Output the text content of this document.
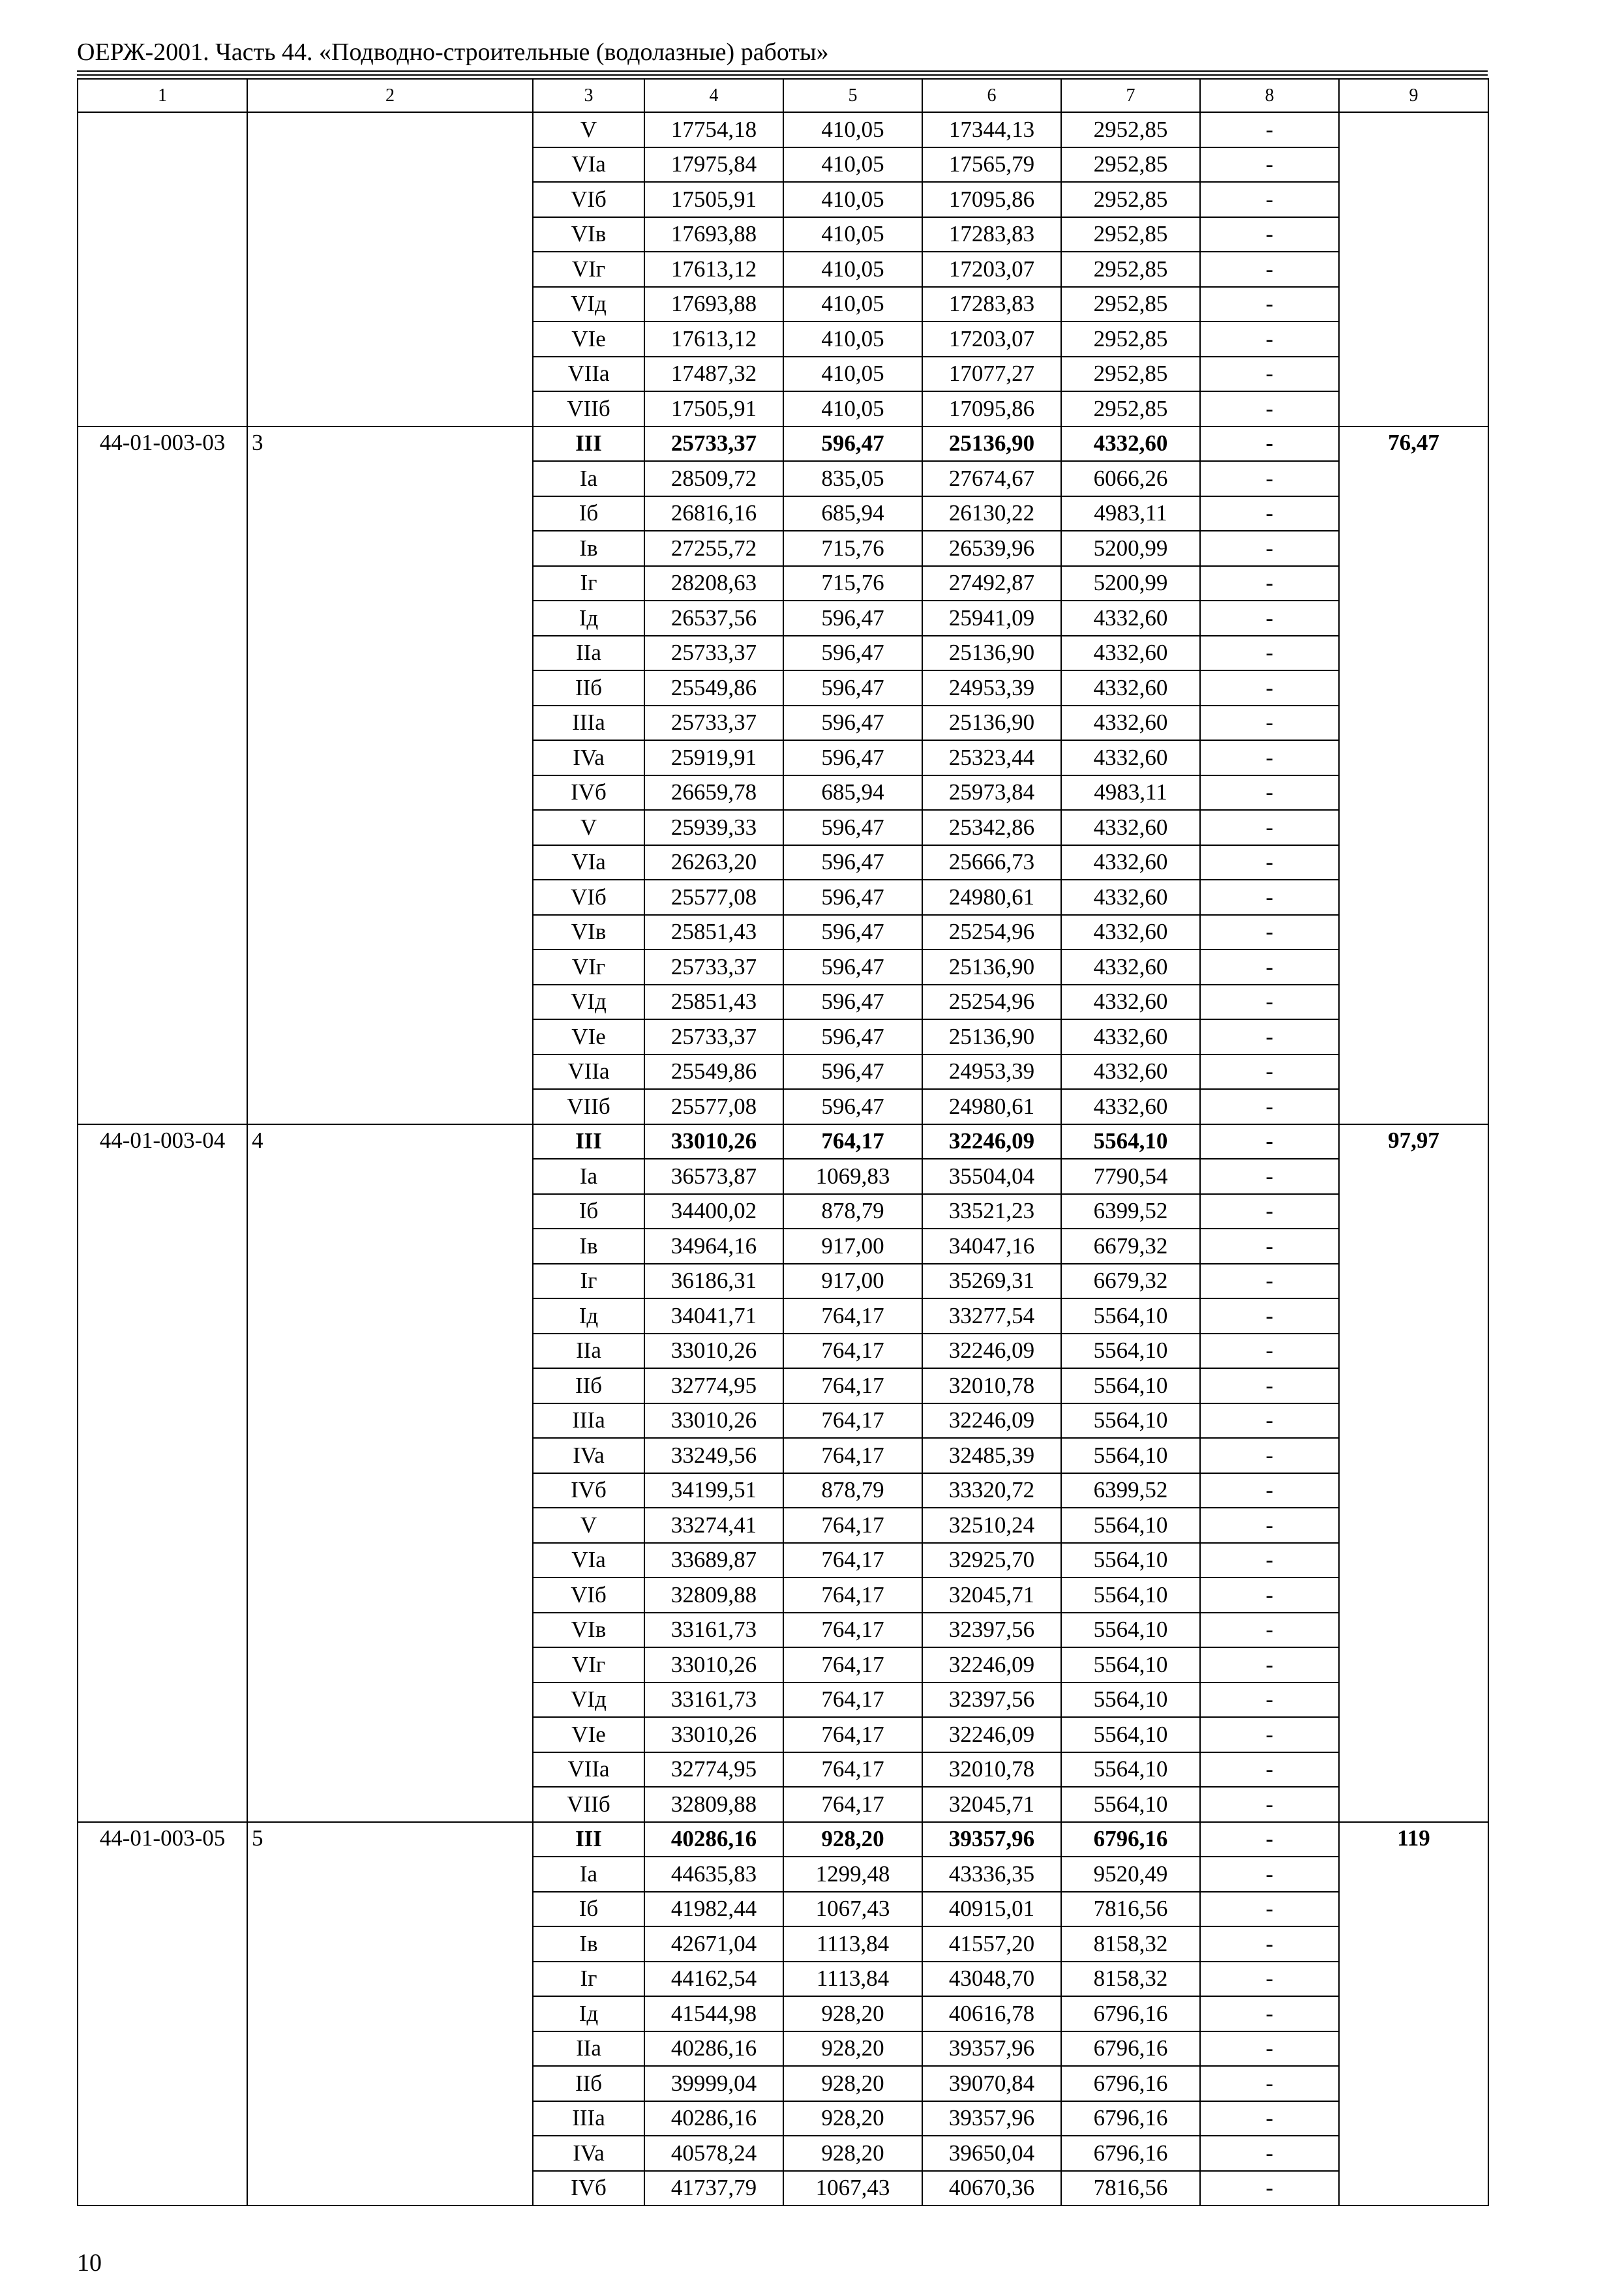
ОЕРЖ-2001. Часть 44. «Подводно-строительные (водолазные) работы»
1	2	3	4	5	6	7	8	9
		V	17754,18	410,05	17344,13	2952,85	-	
		VIa	17975,84	410,05	17565,79	2952,85	-	
		VIб	17505,91	410,05	17095,86	2952,85	-	
		VIв	17693,88	410,05	17283,83	2952,85	-	
		VIг	17613,12	410,05	17203,07	2952,85	-	
		VIд	17693,88	410,05	17283,83	2952,85	-	
		VIe	17613,12	410,05	17203,07	2952,85	-	
		VIIa	17487,32	410,05	17077,27	2952,85	-	
		VIIб	17505,91	410,05	17095,86	2952,85	-	
44-01-003-03	3	III	25733,37	596,47	25136,90	4332,60	-	76,47
		Ia	28509,72	835,05	27674,67	6066,26	-	
		Iб	26816,16	685,94	26130,22	4983,11	-	
		Iв	27255,72	715,76	26539,96	5200,99	-	
		Iг	28208,63	715,76	27492,87	5200,99	-	
		Iд	26537,56	596,47	25941,09	4332,60	-	
		IIa	25733,37	596,47	25136,90	4332,60	-	
		IIб	25549,86	596,47	24953,39	4332,60	-	
		IIIa	25733,37	596,47	25136,90	4332,60	-	
		IVa	25919,91	596,47	25323,44	4332,60	-	
		IVб	26659,78	685,94	25973,84	4983,11	-	
		V	25939,33	596,47	25342,86	4332,60	-	
		VIa	26263,20	596,47	25666,73	4332,60	-	
		VIб	25577,08	596,47	24980,61	4332,60	-	
		VIв	25851,43	596,47	25254,96	4332,60	-	
		VIг	25733,37	596,47	25136,90	4332,60	-	
		VIд	25851,43	596,47	25254,96	4332,60	-	
		VIe	25733,37	596,47	25136,90	4332,60	-	
		VIIa	25549,86	596,47	24953,39	4332,60	-	
		VIIб	25577,08	596,47	24980,61	4332,60	-	
44-01-003-04	4	III	33010,26	764,17	32246,09	5564,10	-	97,97
		Ia	36573,87	1069,83	35504,04	7790,54	-	
		Iб	34400,02	878,79	33521,23	6399,52	-	
		Iв	34964,16	917,00	34047,16	6679,32	-	
		Iг	36186,31	917,00	35269,31	6679,32	-	
		Iд	34041,71	764,17	33277,54	5564,10	-	
		IIa	33010,26	764,17	32246,09	5564,10	-	
		IIб	32774,95	764,17	32010,78	5564,10	-	
		IIIa	33010,26	764,17	32246,09	5564,10	-	
		IVa	33249,56	764,17	32485,39	5564,10	-	
		IVб	34199,51	878,79	33320,72	6399,52	-	
		V	33274,41	764,17	32510,24	5564,10	-	
		VIa	33689,87	764,17	32925,70	5564,10	-	
		VIб	32809,88	764,17	32045,71	5564,10	-	
		VIв	33161,73	764,17	32397,56	5564,10	-	
		VIг	33010,26	764,17	32246,09	5564,10	-	
		VIд	33161,73	764,17	32397,56	5564,10	-	
		VIe	33010,26	764,17	32246,09	5564,10	-	
		VIIa	32774,95	764,17	32010,78	5564,10	-	
		VIIб	32809,88	764,17	32045,71	5564,10	-	
44-01-003-05	5	III	40286,16	928,20	39357,96	6796,16	-	119
		Ia	44635,83	1299,48	43336,35	9520,49	-	
		Iб	41982,44	1067,43	40915,01	7816,56	-	
		Iв	42671,04	1113,84	41557,20	8158,32	-	
		Iг	44162,54	1113,84	43048,70	8158,32	-	
		Iд	41544,98	928,20	40616,78	6796,16	-	
		IIa	40286,16	928,20	39357,96	6796,16	-	
		IIб	39999,04	928,20	39070,84	6796,16	-	
		IIIa	40286,16	928,20	39357,96	6796,16	-	
		IVa	40578,24	928,20	39650,04	6796,16	-	
		IVб	41737,79	1067,43	40670,36	7816,56	-	
10
